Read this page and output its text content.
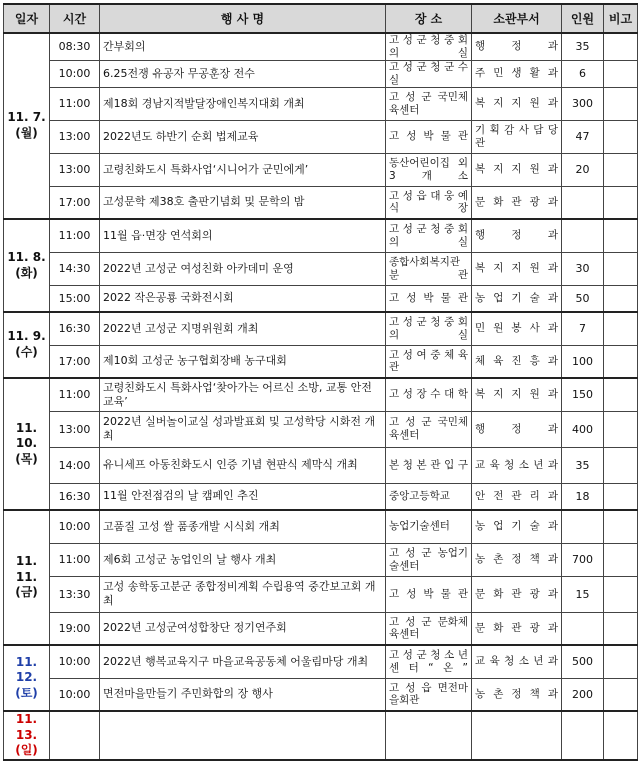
일자	시간	행 사 명	장 소	소관부서	인원	비고

11. 7.
(월)	08:30	간부회의	고 성 군 청 중 회 의 실	행 정 과	35	
	10:00	6.25전쟁 유공자 무공훈장 전수	고 성 군 청 군 수 실	주 민 생 활 과	6	
	11:00	제18회 경남지적발달장애인복지대회 개최	고 성 군 국민체육센터	복 지 지 원 과	300	
	13:00	2022년도 하반기 순회 법제교육	고 성 박 물 관	기 획 감 사 담 당 관	47	
	13:00	고령친화도시 특화사업‘시니어가 군민에게’	동산어린이집 외 3 개 소	복 지 지 원 과	20	
	17:00	고성문학 제38호 출판기념회 및 문학의 밤	고 성 읍 대 웅 예 식 장	문 화 관 광 과		

11. 8.
(화)	11:00	11월 읍·면장 연석회의	고 성 군 청 중 회 의 실	행 정 과		
	14:30	2022년 고성군 여성친화 아카데미 운영	종합사회복지관 분 관	복 지 지 원 과	30	
	15:00	2022 작은공룡 국화전시회	고 성 박 물 관	농 업 기 술 과	50	

11. 9.
(수)	16:30	2022년 고성군 지명위원회 개최	고 성 군 청 중 회 의 실	민 원 봉 사 과	7	
	17:00	제10회 고성군 농구협회장배 농구대회	고 성 여 중 체 육 관	체 육 진 흥 과	100	

11. 10.
(목)	11:00	고령친화도시 특화사업‘찾아가는 어르신 소방, 교통 안전교육’	고 성 장 수 대 학	복 지 지 원 과	150	
	13:00	2022년 실버놀이교실 성과발표회 및 고성학당 시화전 개최	고 성 군 국민체육센터	행 정 과	400	
	14:00	유니세프 아동친화도시 인증 기념 현판식 제막식 개최	본 청 본 관 입 구	교 육 청 소 년 과	35	
	16:30	11월 안전점검의 날 캠페인 추진	중앙고등학교	안 전 관 리 과	18	

11. 11.
(금)	10:00	고품질 고성 쌀 품종개발 시식회 개최	농업기술센터	농 업 기 술 과		
	11:00	제6회 고성군 농업인의 날 행사 개최	고 성 군 농업기술센터	농 촌 정 책 과	700	
	13:30	고성 송학동고분군 종합정비계획 수립용역 중간보고회 개최	고 성 박 물 관	문 화 관 광 과	15	
	19:00	2022년 고성군여성합창단 정기연주회	고 성 군 문화체육센터	문 화 관 광 과		

11. 12.
(토)	10:00	2022년 행복교육지구 마을교육공동체 어울림마당 개최	고 성 군 청 소 년 센 터 “ 온 ”	교 육 청 소 년 과	500	
	10:00	면전마을만들기 주민화합의 장 행사	고 성 읍 면전마을회관	농 촌 정 책 과	200	

11. 13.
(일)						
